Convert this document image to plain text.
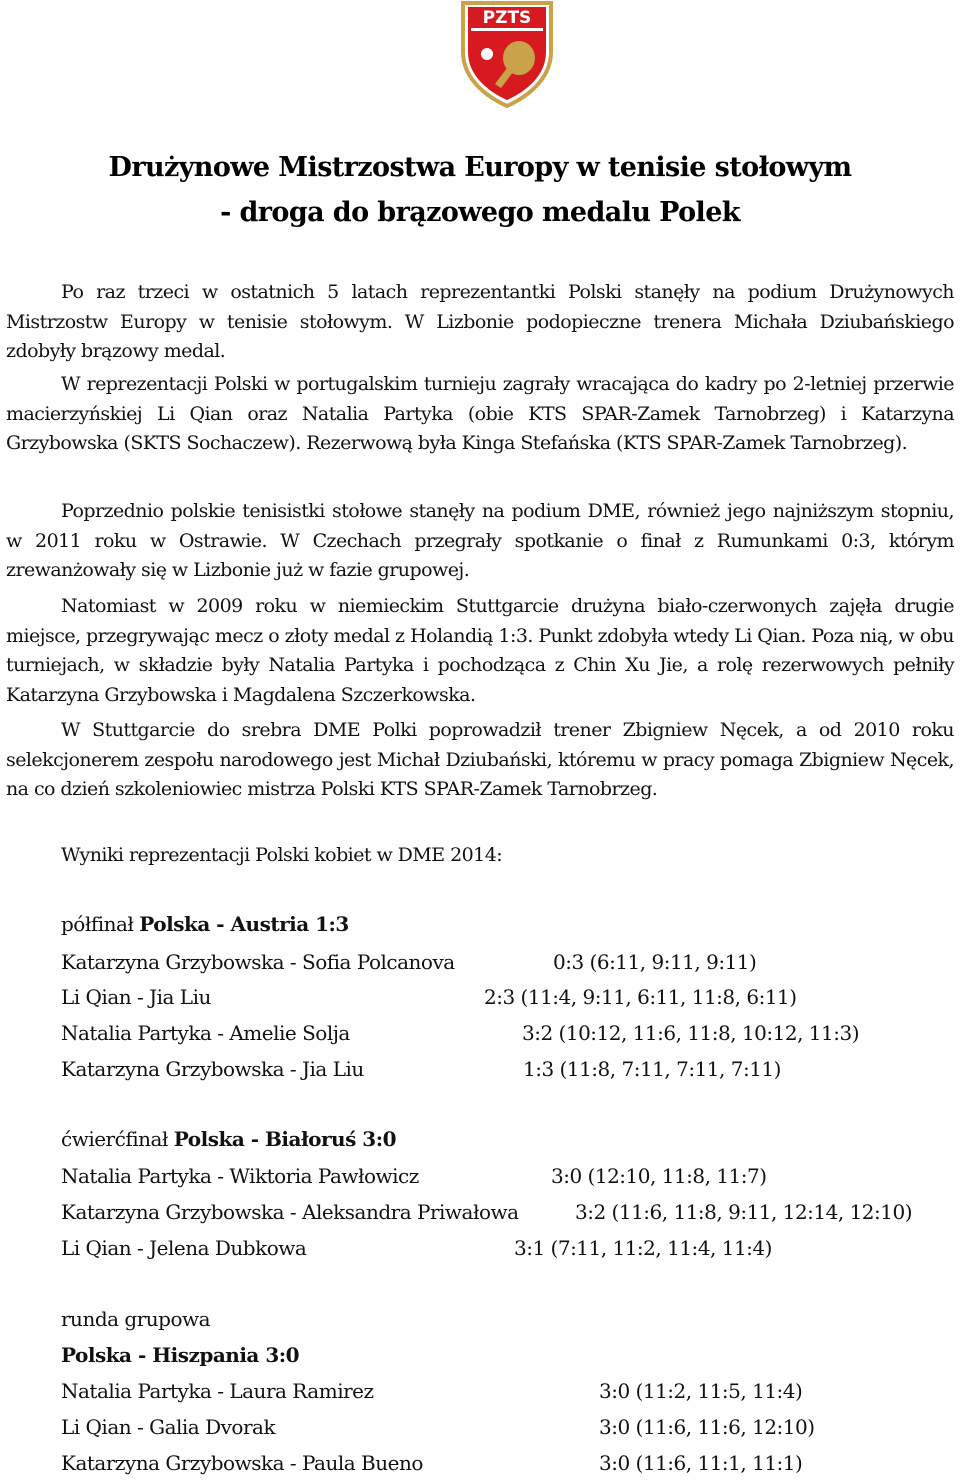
PZTS
Drużynowe Mistrzostwa Europy w tenisie stołowym
- droga do brązowego medalu Polek

Po raz trzeci w ostatnich 5 latach reprezentantki Polski stanęły na podium Drużynowych Mistrzostw Europy w tenisie stołowym. W Lizbonie podopieczne trenera Michała Dziubańskiego zdobyły brązowy medal.

W reprezentacji Polski w portugalskim turnieju zagrały wracająca do kadry po 2-letniej przerwie macierzyńskiej Li Qian oraz Natalia Partyka (obie KTS SPAR-Zamek Tarnobrzeg) i Katarzyna Grzybowska (SKTS Sochaczew). Rezerwową była Kinga Stefańska (KTS SPAR-Zamek Tarnobrzeg).

Poprzednio polskie tenisistki stołowe stanęły na podium DME, również jego najniższym stopniu, w 2011 roku w Ostrawie. W Czechach przegrały spotkanie o finał z Rumunkami 0:3, którym zrewanżowały się w Lizbonie już w fazie grupowej.

Natomiast w 2009 roku w niemieckim Stuttgarcie drużyna biało-czerwonych zajęła drugie miejsce, przegrywając mecz o złoty medal z Holandią 1:3. Punkt zdobyła wtedy Li Qian. Poza nią, w obu turniejach, w składzie były Natalia Partyka i pochodząca z Chin Xu Jie, a rolę rezerwowych pełniły Katarzyna Grzybowska i Magdalena Szczerkowska.

W Stuttgarcie do srebra DME Polki poprowadził trener Zbigniew Nęcek, a od 2010 roku selekcjonerem zespołu narodowego jest Michał Dziubański, któremu w pracy pomaga Zbigniew Nęcek, na co dzień szkoleniowiec mistrza Polski KTS SPAR-Zamek Tarnobrzeg.

Wyniki reprezentacji Polski kobiet w DME 2014:

półfinał Polska - Austria 1:3
Katarzyna Grzybowska - Sofia Polcanova	0:3 (6:11, 9:11, 9:11)
Li Qian - Jia Liu	2:3 (11:4, 9:11, 6:11, 11:8, 6:11)
Natalia Partyka - Amelie Solja	3:2 (10:12, 11:6, 11:8, 10:12, 11:3)
Katarzyna Grzybowska - Jia Liu	1:3 (11:8, 7:11, 7:11, 7:11)
ćwierćfinał Polska - Białoruś 3:0
Natalia Partyka - Wiktoria Pawłowicz	3:0 (12:10, 11:8, 11:7)
Katarzyna Grzybowska - Aleksandra Priwałowa	3:2 (11:6, 11:8, 9:11, 12:14, 12:10)
Li Qian - Jelena Dubkowa	3:1 (7:11, 11:2, 11:4, 11:4)
runda grupowa
Polska - Hiszpania 3:0
Natalia Partyka - Laura Ramirez	3:0 (11:2, 11:5, 11:4)
Li Qian - Galia Dvorak	3:0 (11:6, 11:6, 12:10)
Katarzyna Grzybowska - Paula Bueno	3:0 (11:6, 11:1, 11:1)
